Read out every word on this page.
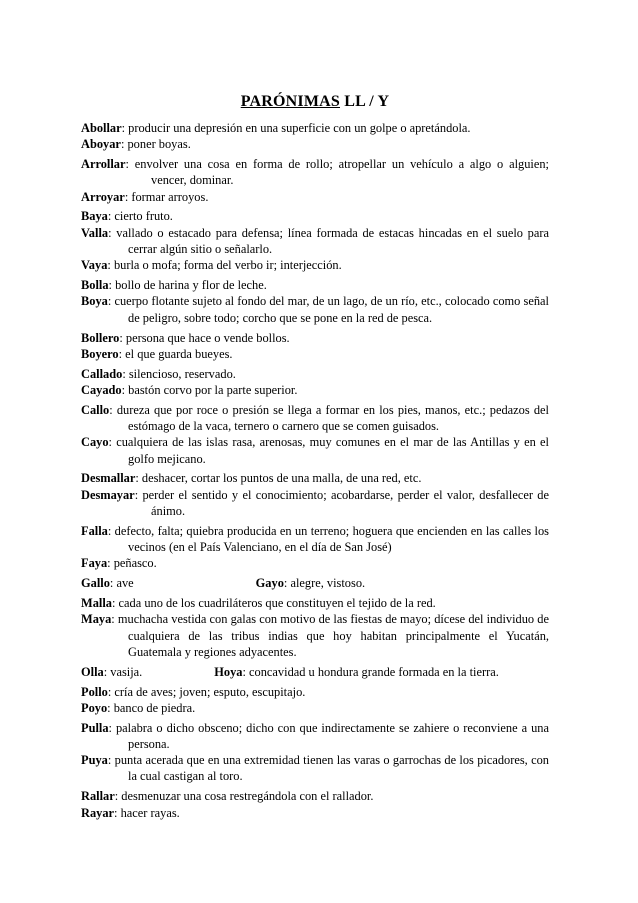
PARÓNIMAS LL / Y

Abollar: producir una depresión en una superficie con un golpe o apretándola.

Aboyar: poner boyas.

Arrollar: envolver una cosa en forma de rollo; atropellar un vehículo a algo o alguien; vencer, dominar.

Arroyar: formar arroyos.

Baya: cierto fruto.

Valla: vallado o estacado para defensa; línea formada de estacas hincadas en el suelo para cerrar algún sitio o señalarlo.

Vaya: burla o mofa; forma del verbo ir; interjección.

Bolla: bollo de harina y flor de leche.

Boya: cuerpo flotante sujeto al fondo del mar, de un lago, de un río, etc., colocado como señal de peligro, sobre todo; corcho que se pone en la red de pesca.

Bollero: persona que hace o vende bollos.

Boyero: el que guarda bueyes.

Callado: silencioso, reservado.

Cayado: bastón corvo por la parte superior.

Callo: dureza que por roce o presión se llega a formar en los pies, manos, etc.; pedazos del estómago de la vaca, ternero o carnero que se comen guisados.

Cayo: cualquiera de las islas rasa, arenosas, muy comunes en el mar de las Antillas y en el golfo mejicano.

Desmallar: deshacer, cortar los puntos de una malla, de una red, etc.

Desmayar: perder el sentido y el conocimiento; acobardarse, perder el valor, desfallecer de ánimo.

Falla: defecto, falta; quiebra producida en un terreno; hoguera que encienden en las calles los vecinos (en el País Valenciano, en el día de San José)

Faya: peñasco.

Gallo: ave	Gayo: alegre, vistoso.

Malla: cada uno de los cuadriláteros que constituyen el tejido de la red.

Maya: muchacha vestida con galas con motivo de las fiestas de mayo; dícese del individuo de cualquiera de las tribus indias que hoy habitan principalmente el Yucatán, Guatemala y regiones adyacentes.

Olla: vasija.	Hoya: concavidad u hondura grande formada en la tierra.

Pollo: cría de aves; joven; esputo, escupitajo.

Poyo: banco de piedra.

Pulla: palabra o dicho obsceno; dicho con que indirectamente se zahiere o reconviene a una persona.

Puya: punta acerada que en una extremidad tienen las varas o garrochas de los picadores, con la cual castigan al toro.

Rallar: desmenuzar una cosa restregándola con el rallador.

Rayar: hacer rayas.
